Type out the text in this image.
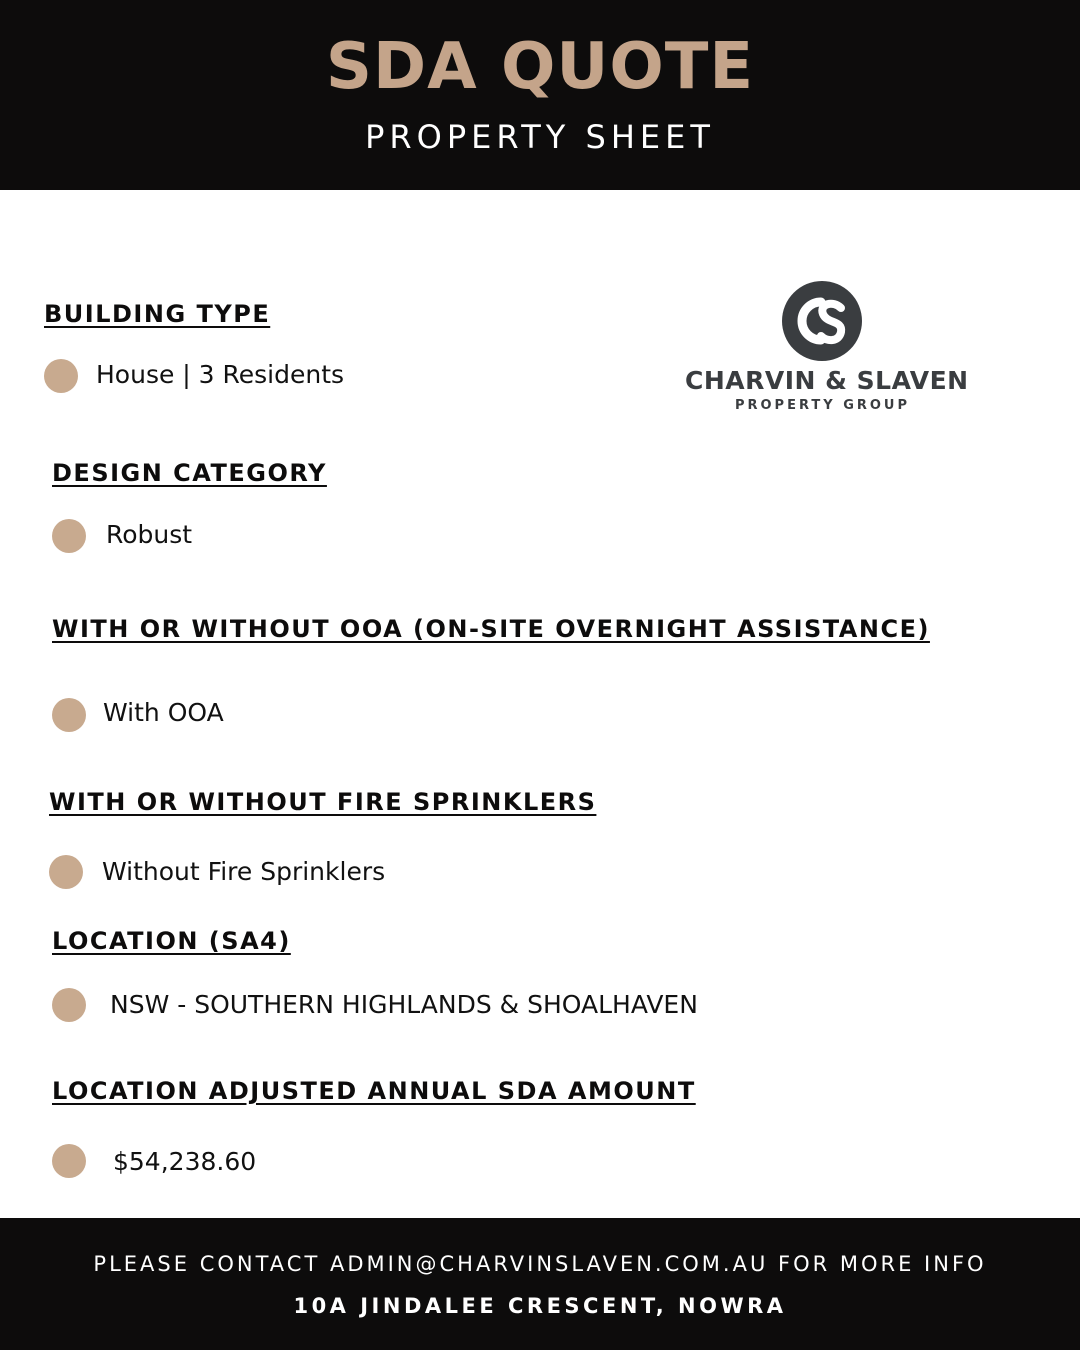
SDA QUOTE
PROPERTY SHEET
CHARVIN & SLAVEN
PROPERTY GROUP
BUILDING TYPE
House | 3 Residents
DESIGN CATEGORY
Robust
WITH OR WITHOUT OOA (ON-SITE OVERNIGHT ASSISTANCE)
With OOA
WITH OR WITHOUT FIRE SPRINKLERS
Without Fire Sprinklers
LOCATION (SA4)
NSW - SOUTHERN HIGHLANDS & SHOALHAVEN
LOCATION ADJUSTED ANNUAL SDA AMOUNT
$54,238.60
PLEASE CONTACT ADMIN@CHARVINSLAVEN.COM.AU FOR MORE INFO
10A JINDALEE CRESCENT, NOWRA
